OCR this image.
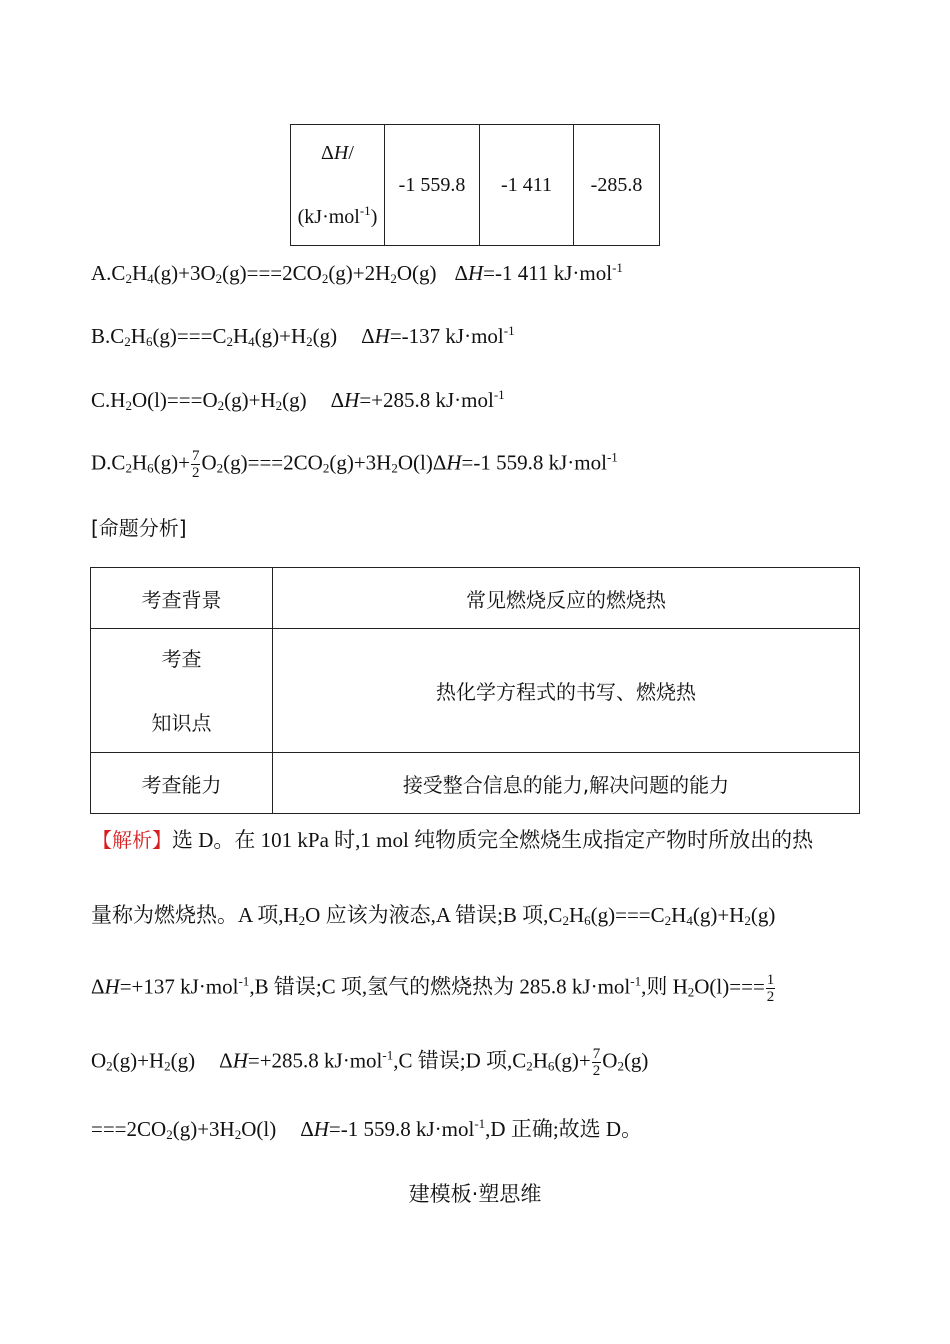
ΔH/

(kJ·mol$^{-1}$)	-1 559.8	-1 411	-285.8
$A.C_2H_4(g)+3O_2(g)===2CO_2(g)+2H_2O(g)$ ΔH=-1 411 kJ·mol$^{-1}$
$B.C_2H_6(g)===C_2H_4(g)+H_2(g)$ ΔH=-137 kJ·mol$^{-1}$
$C.H_2O(l)===O_2(g)+H_2(g)$ ΔH=+285.8 kJ·mol$^{-1}$
$D.C_2H_6(g)+ \frac{7}{2} O_2(g)===2CO_2(g)+3H_2O(l)\Delta H=-1$ 559.8 kJ·mol$^{-1}$
[命题分析]
考查背景	常见燃烧反应的燃烧热
考查

知识点	热化学方程式的书写、燃烧热
考查能力	接受整合信息的能力,解决问题的能力
【解析】选 D。在 101 kPa 时,1 mol 纯物质完全燃烧生成指定产物时所放出的热
量称为燃烧热。A 项$,H_2O$ 应该为液态,A 错误;B 项$,C_2H_6(g)===C_2H_4(g)+H_2(g)$
ΔH=+137 kJ·mol$^{-1}$,B 错误;C 项,氢气的燃烧热为 285.8 kJ·mol$^{-1}$,则 $H_2O(l)=== \frac{1}{2}$
$O_2(g)+H_2(g)$ ΔH=+285.8 kJ·mol$^{-1}$,C 错误;D 项$,C_2H_6(g)+ \frac{7}{2} O_2(g)$
$===2CO_2(g)+3H_2O(l)$ ΔH=-1 559.8 kJ·mol$^{-1}$,D 正确;故选 D。
建模板·塑思维
